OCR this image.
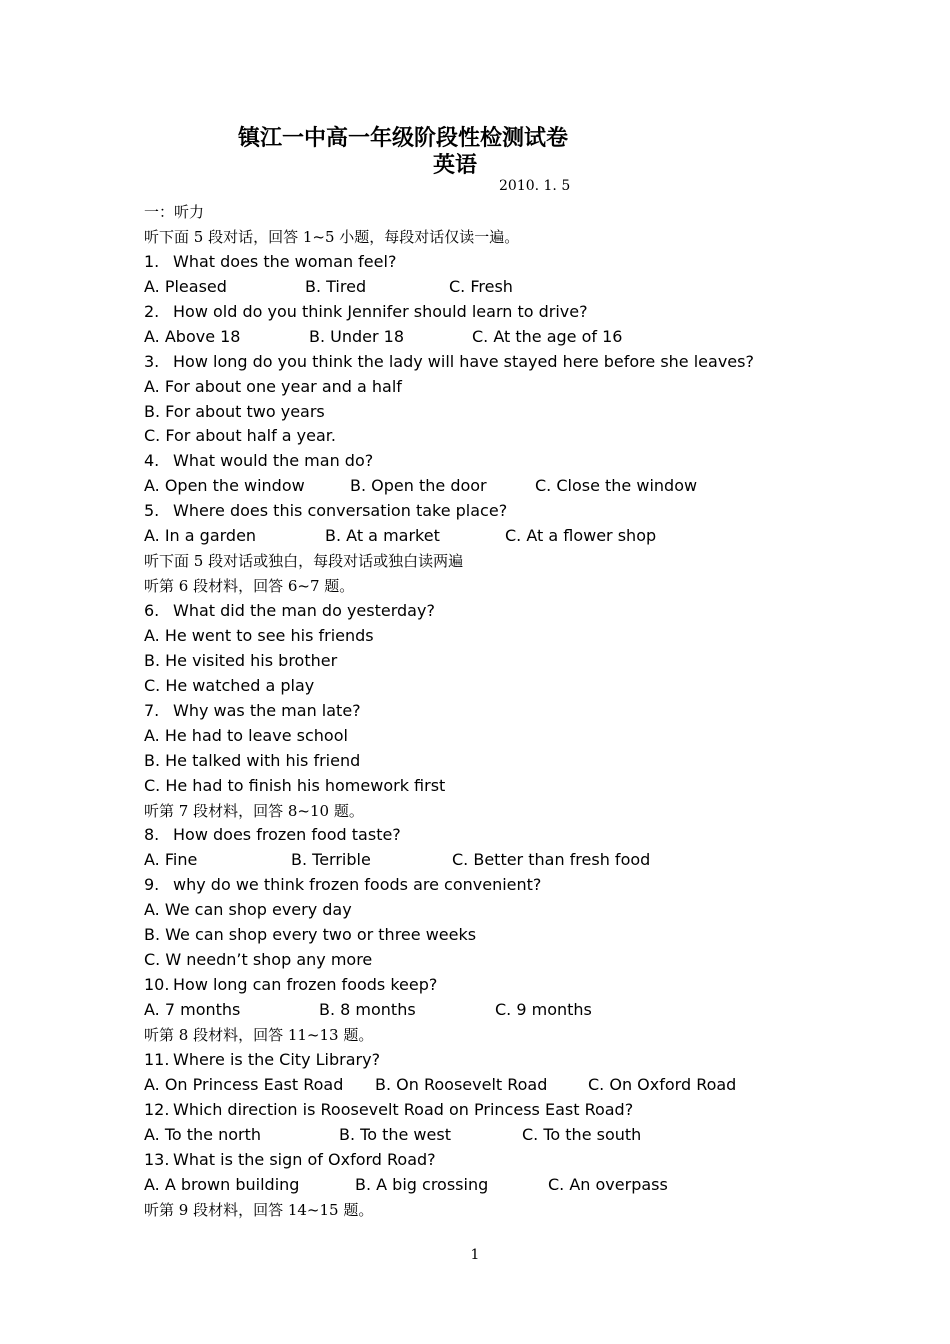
镇江一中高一年级阶段性检测试卷
英语
2010. 1. 5
一：听力
听下面 5 段对话，回答 1~5 小题，每段对话仅读一遍。
1. What does the woman feel?
A. Pleased	B. Tired	C. Fresh
2. How old do you think Jennifer should learn to drive?
A. Above 18	B. Under 18	C. At the age of 16
3. How long do you think the lady will have stayed here before she leaves?
A. For about one year and a half
B. For about two years
C. For about half a year.
4. What would the man do?
A. Open the window	B. Open the door	C. Close the window
5. Where does this conversation take place?
A. In a garden	B. At a market	C. At a flower shop
听下面 5 段对话或独白，每段对话或独白读两遍
听第 6 段材料，回答 6~7 题。
6. What did the man do yesterday?
A. He went to see his friends
B. He visited his brother
C. He watched a play
7. Why was the man late?
A. He had to leave school
B. He talked with his friend
C. He had to finish his homework first
听第 7 段材料，回答 8~10 题。
8. How does frozen food taste?
A. Fine	B. Terrible	C. Better than fresh food
9. why do we think frozen foods are convenient?
A. We can shop every day
B. We can shop every two or three weeks
C. W needn’t shop any more
10. How long can frozen foods keep?
A. 7 months	B. 8 months	C. 9 months
听第 8 段材料，回答 11~13 题。
11. Where is the City Library?
A. On Princess East Road B. On Roosevelt Road	C. On Oxford Road
12. Which direction is Roosevelt Road on Princess East Road?
A. To the north	B. To the west	C. To the south
13. What is the sign of Oxford Road?
A. A brown building	B. A big crossing	C. An overpass
听第 9 段材料，回答 14~15 题。
1
